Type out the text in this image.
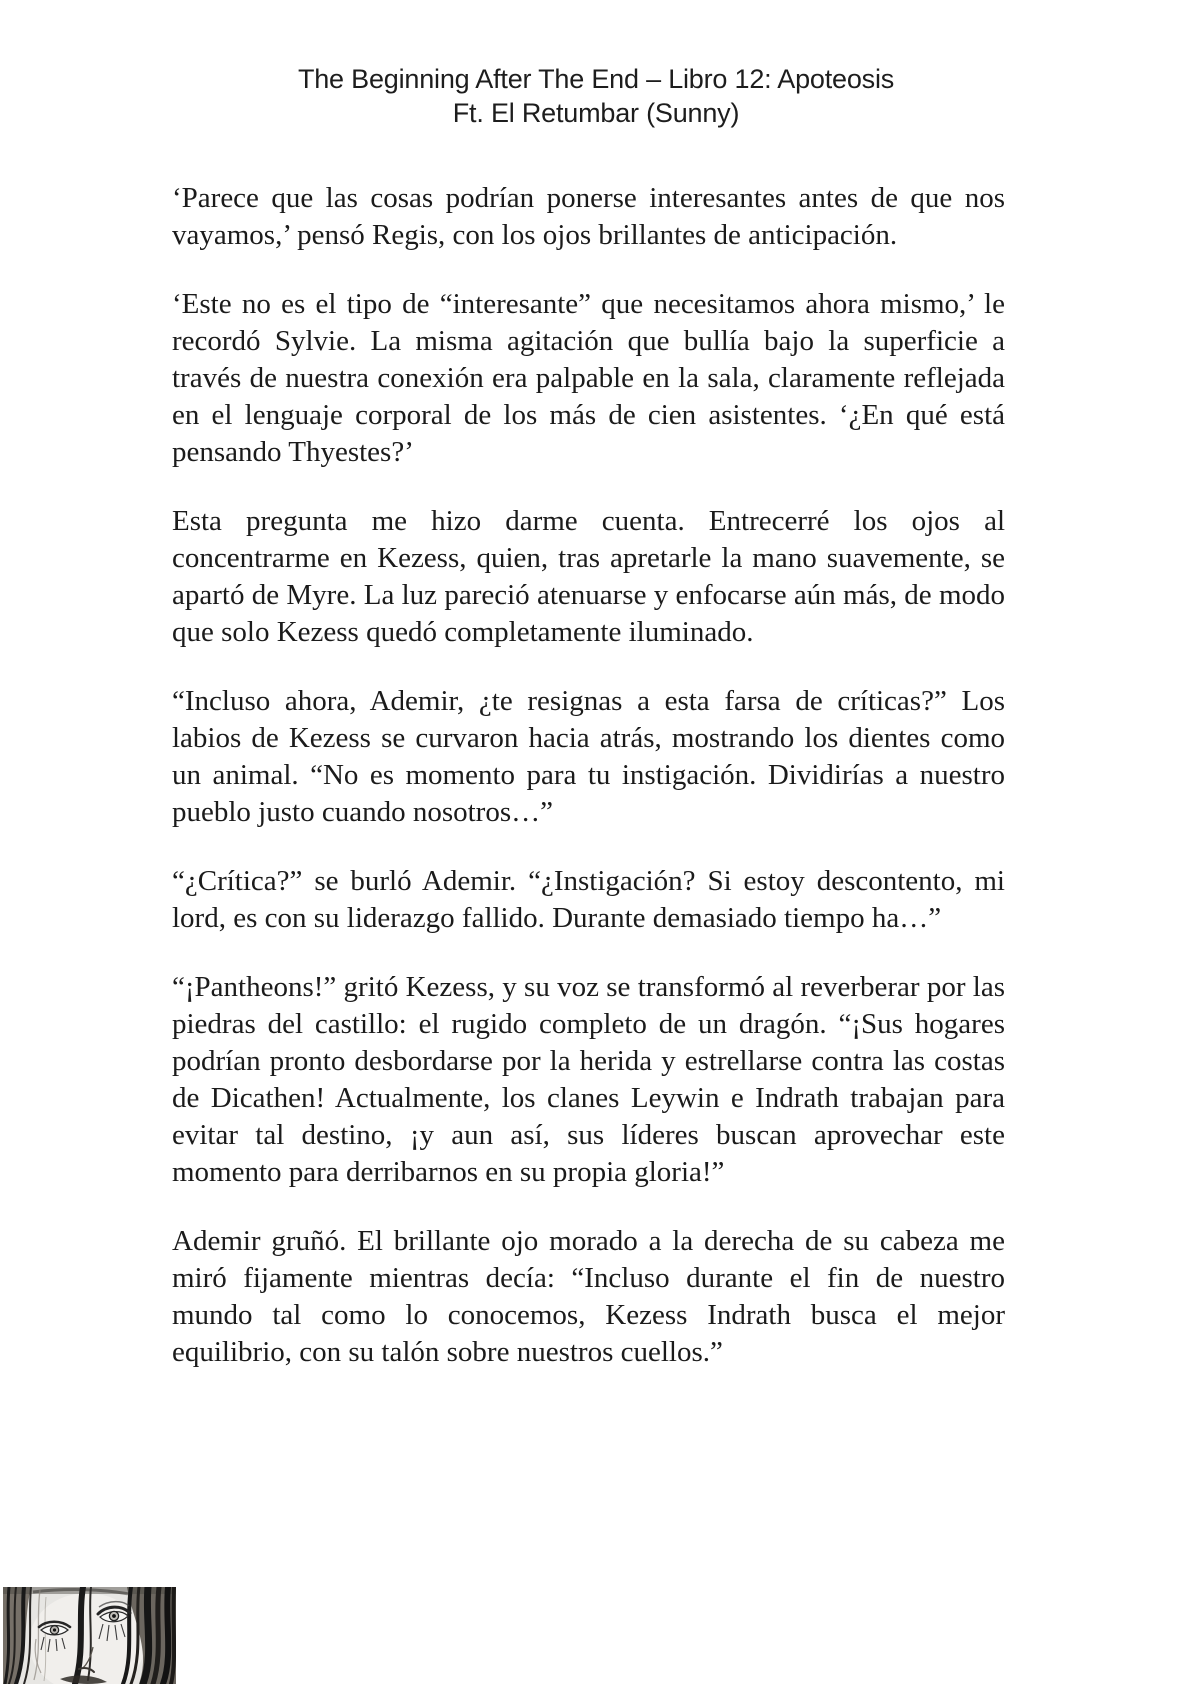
The Beginning After The End – Libro 12: Apoteosis
Ft. El Retumbar (Sunny)

‘Parece que las cosas podrían ponerse interesantes antes de que nos vayamos,’ pensó Regis, con los ojos brillantes de anticipación.

‘Este no es el tipo de “interesante” que necesitamos ahora mismo,’ le recordó Sylvie. La misma agitación que bullía bajo la superficie a través de nuestra conexión era palpable en la sala, claramente reflejada en el lenguaje corporal de los más de cien asistentes. ‘¿En qué está pensando Thyestes?’

Esta pregunta me hizo darme cuenta. Entrecerré los ojos al concentrarme en Kezess, quien, tras apretarle la mano suavemente, se apartó de Myre. La luz pareció atenuarse y enfocarse aún más, de modo que solo Kezess quedó completamente iluminado.

“Incluso ahora, Ademir, ¿te resignas a esta farsa de críticas?” Los labios de Kezess se curvaron hacia atrás, mostrando los dientes como un animal. “No es momento para tu instigación. Dividirías a nuestro pueblo justo cuando nosotros…”

“¿Crítica?” se burló Ademir. “¿Instigación? Si estoy descontento, mi lord, es con su liderazgo fallido. Durante demasiado tiempo ha…”

“¡Pantheons!” gritó Kezess, y su voz se transformó al reverberar por las piedras del castillo: el rugido completo de un dragón. “¡Sus hogares podrían pronto desbordarse por la herida y estrellarse contra las costas de Dicathen! Actualmente, los clanes Leywin e Indrath trabajan para evitar tal destino, ¡y aun así, sus líderes buscan aprovechar este momento para derribarnos en su propia gloria!”

Ademir gruñó. El brillante ojo morado a la derecha de su cabeza me miró fijamente mientras decía: “Incluso durante el fin de nuestro mundo tal como lo conocemos, Kezess Indrath busca el mejor equilibrio, con su talón sobre nuestros cuellos.”
